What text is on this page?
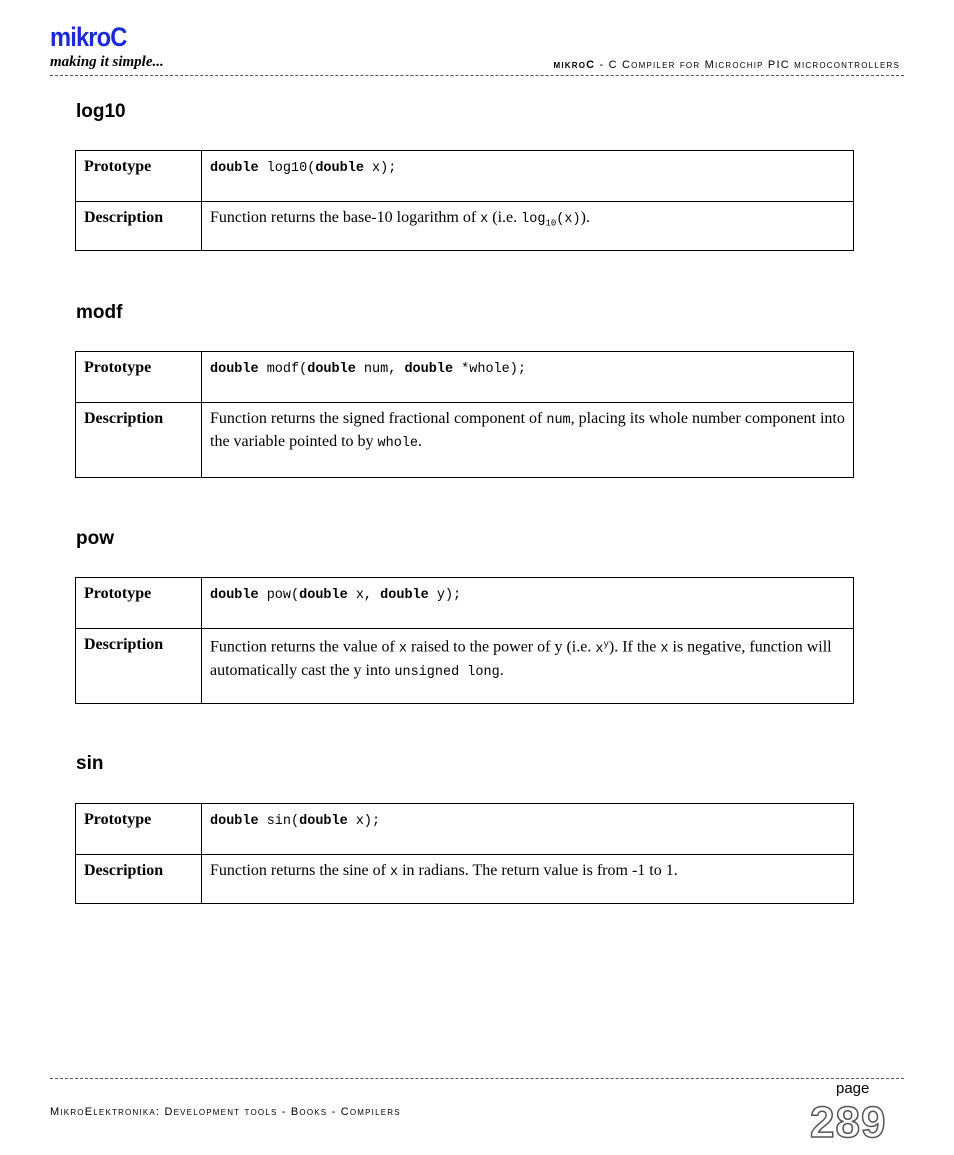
mikroC
making it simple...	mikroC - C Compiler for Microchip PIC microcontrollers
log10
Prototype	double log10(double x);
Description	Function returns the base-10 logarithm of x (i.e. $\log_{10}(x)$).
modf
Prototype	double modf(double num, double *whole);
Description	Function returns the signed fractional component of num, placing its whole number component into the variable pointed to by whole.
pow
Prototype	double pow(double x, double y);
Description	Function returns the value of x raised to the power of y (i.e. $x^y$). If the x is negative, function will automatically cast the y into unsigned long.
sin
Prototype	double sin(double x);
Description	Function returns the sine of x in radians. The return value is from -1 to 1.
page
MikroElektronika: Development tools - Books - Compilers	289
